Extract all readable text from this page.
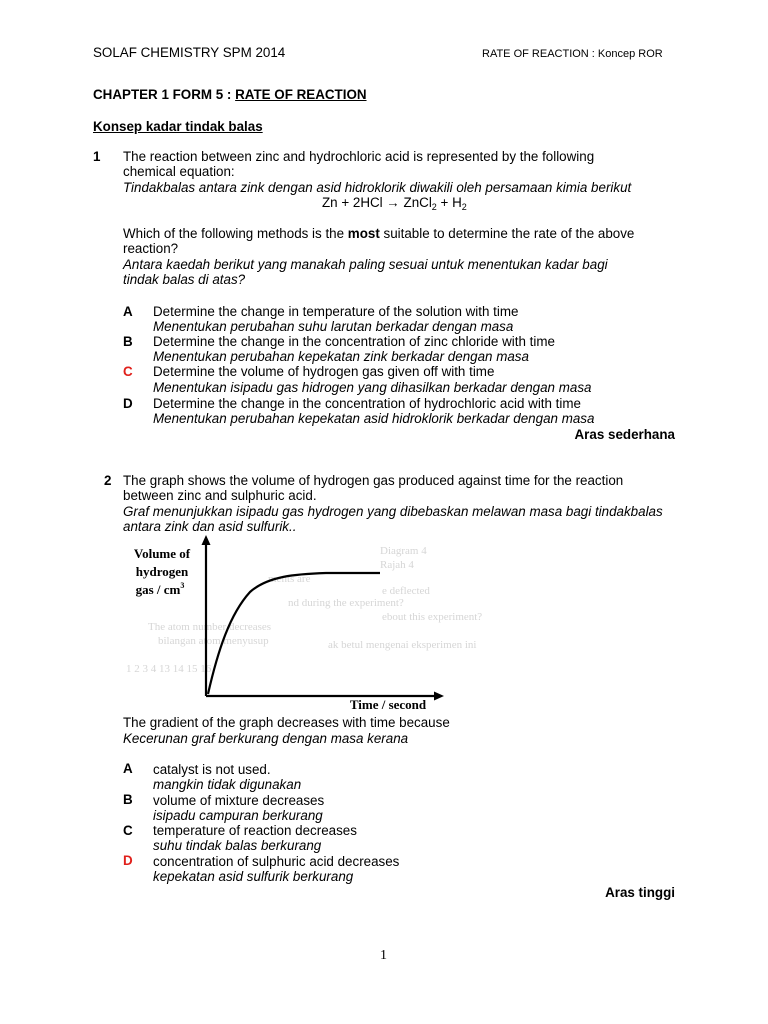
SOLAF CHEMISTRY SPM 2014	RATE OF REACTION : Koncep ROR
CHAPTER 1 FORM 5 : RATE OF REACTION
Konsep kadar tindak balas
1 The reaction between zinc and hydrochloric acid is represented by the following
chemical equation:
Tindakbalas antara zink dengan asid hidroklorik diwakili oleh persamaan kimia berikut
Zn + 2HCl → ZnCl$_2$ + $H_2$
Which of the following methods is the most suitable to determine the rate of the above
reaction?
Antara kaedah berikut yang manakah paling sesuai untuk menentukan kadar bagi
tindak balas di atas?
A Determine the change in temperature of the solution with time
Menentukan perubahan suhu larutan berkadar dengan masa
B Determine the change in the concentration of zinc chloride with time
Menentukan perubahan kepekatan zink berkadar dengan masa
C Determine the volume of hydrogen gas given off with time
Menentukan isipadu gas hidrogen yang dihasilkan berkadar dengan masa
D Determine the change in the concentration of hydrochloric acid with time
Menentukan perubahan kepekatan asid hidroklorik berkadar dengan masa
Aras sederhana
2 The graph shows the volume of hydrogen gas produced against time for the reaction
between zinc and sulphuric acid.
Graf menunjukkan isipadu gas hydrogen yang dibebaskan melawan masa bagi tindakbalas
antara zink dan asid sulfurik..
Diagram 4
Rajah 4
ments are
e deflected
nd during the experiment?
ebout this experiment?
The atom number decreases
bilangan atom menyusup	ak betul mengenai eksperimen ini
1 2 3 4 13 14 15 16
Volume of
hydrogen
gas / $cm^3$
Time / second
The gradient of the graph decreases with time because
Kecerunan graf berkurang dengan masa kerana
A catalyst is not used.
mangkin tidak digunakan
B volume of mixture decreases
isipadu campuran berkurang
C temperature of reaction decreases
suhu tindak balas berkurang
D concentration of sulphuric acid decreases
kepekatan asid sulfurik berkurang
Aras tinggi
1
